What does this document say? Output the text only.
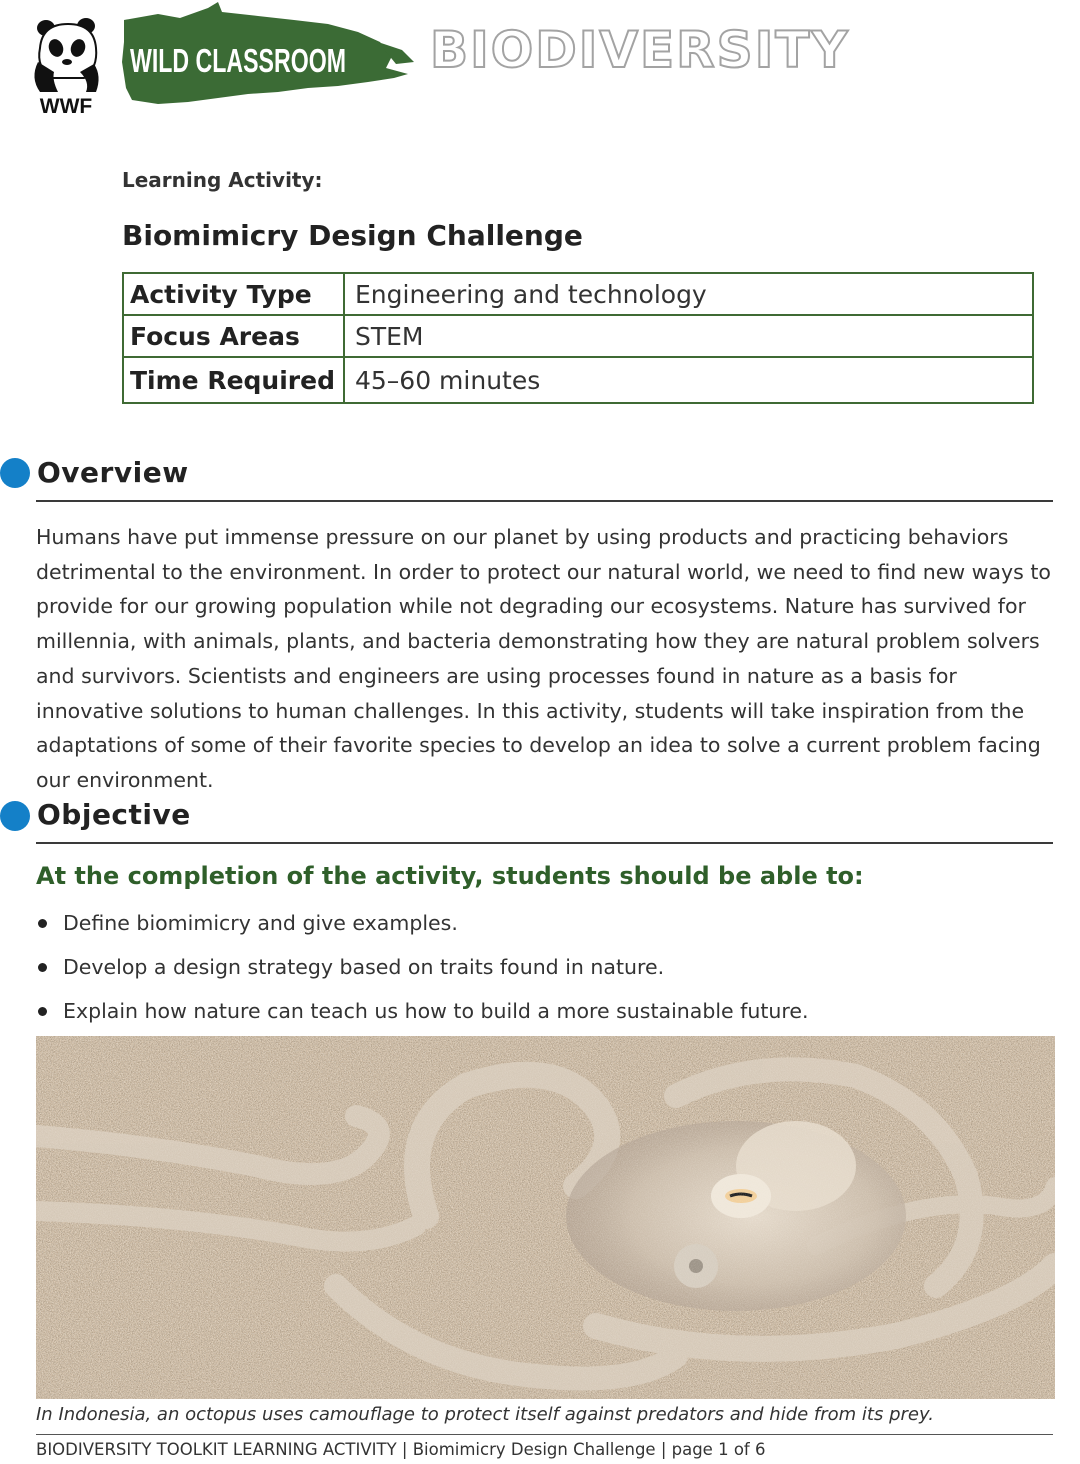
WWF
WILD CLASSROOM BIODIVERSITY
Learning Activity:
Biomimicry Design Challenge
Activity Type	Engineering and technology
Focus Areas	STEM
Time Required	45–60 minutes
Overview
Humans have put immense pressure on our planet by using products and practicing behaviors detrimental to the environment. In order to protect our natural world, we need to find new ways to provide for our growing population while not degrading our ecosystems. Nature has survived for millennia, with animals, plants, and bacteria demonstrating how they are natural problem solvers and survivors. Scientists and engineers are using processes found in nature as a basis for innovative solutions to human challenges. In this activity, students will take inspiration from the adaptations of some of their favorite species to develop an idea to solve a current problem facing our environment.
Objective
At the completion of the activity, students should be able to:
Define biomimicry and give examples.
Develop a design strategy based on traits found in nature.
Explain how nature can teach us how to build a more sustainable future.
In Indonesia, an octopus uses camouflage to protect itself against predators and hide from its prey.
BIODIVERSITY TOOLKIT LEARNING ACTIVITY | Biomimicry Design Challenge | page 1 of 6
